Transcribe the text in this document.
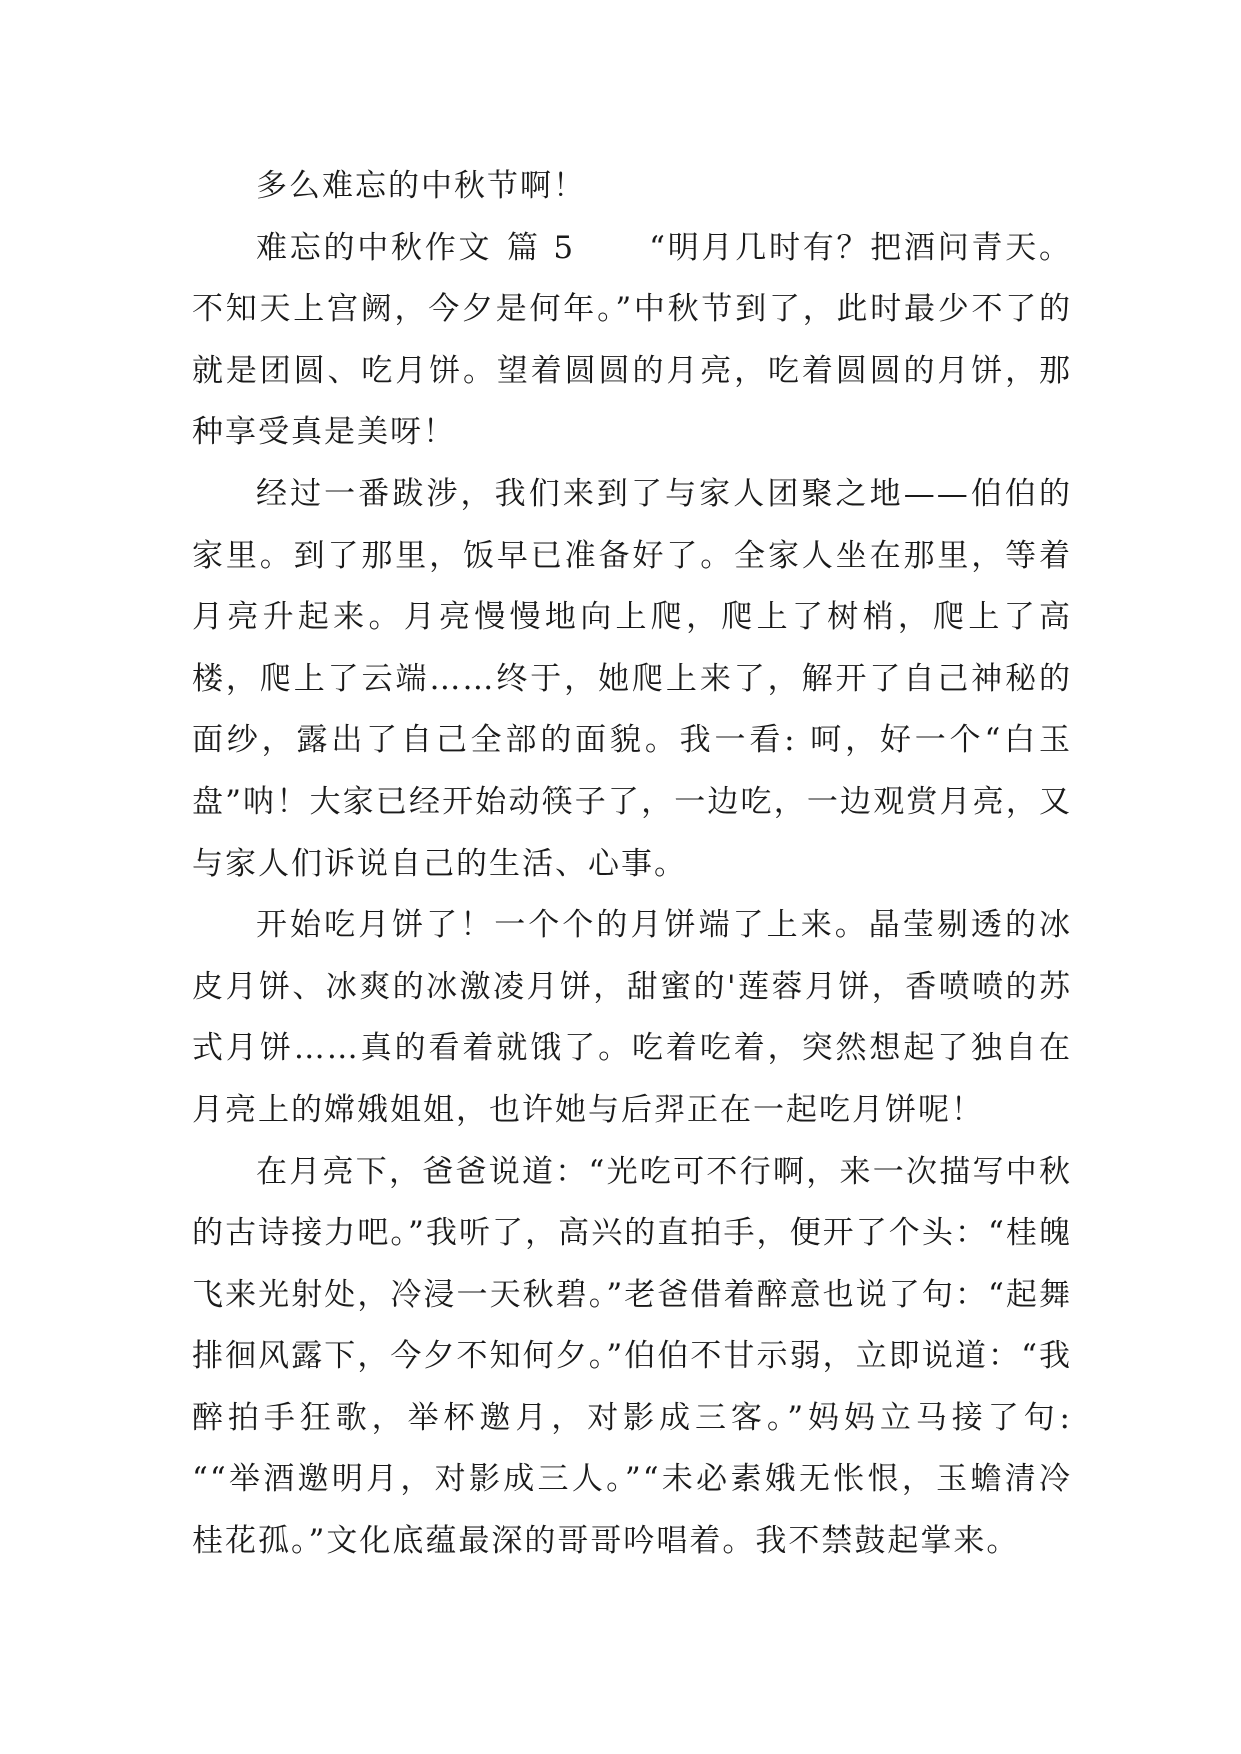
多么难忘的中秋节啊！

难忘的中秋作文 篇 5 “明月几时有？把酒问青天。不知天上宫阙，今夕是何年。”中秋节到了，此时最少不了的就是团圆、吃月饼。望着圆圆的月亮，吃着圆圆的月饼，那种享受真是美呀！

经过一番跋涉，我们来到了与家人团聚之地——伯伯的家里。到了那里，饭早已准备好了。全家人坐在那里，等着月亮升起来。月亮慢慢地向上爬，爬上了树梢，爬上了高楼，爬上了云端……终于，她爬上来了，解开了自己神秘的面纱，露出了自己全部的面貌。我一看: 呵，好一个“白玉盘”呐！大家已经开始动筷子了，一边吃，一边观赏月亮，又与家人们诉说自己的生活、心事。

开始吃月饼了！一个个的月饼端了上来。晶莹剔透的冰皮月饼、冰爽的冰激凌月饼，甜蜜的'莲蓉月饼，香喷喷的苏式月饼……真的看着就饿了。吃着吃着，突然想起了独自在月亮上的嫦娥姐姐，也许她与后羿正在一起吃月饼呢！

在月亮下，爸爸说道：“光吃可不行啊，来一次描写中秋的古诗接力吧。”我听了，高兴的直拍手，便开了个头：“桂魄飞来光射处，冷浸一天秋碧。”老爸借着醉意也说了句：“起舞排徊风露下，今夕不知何夕。”伯伯不甘示弱，立即说道：“我醉拍手狂歌，举杯邀月，对影成三客。”妈妈立马接了句: ““举酒邀明月，对影成三人。”“未必素娥无怅恨，玉蟾清冷桂花孤。”文化底蕴最深的哥哥吟唱着。我不禁鼓起掌来。
